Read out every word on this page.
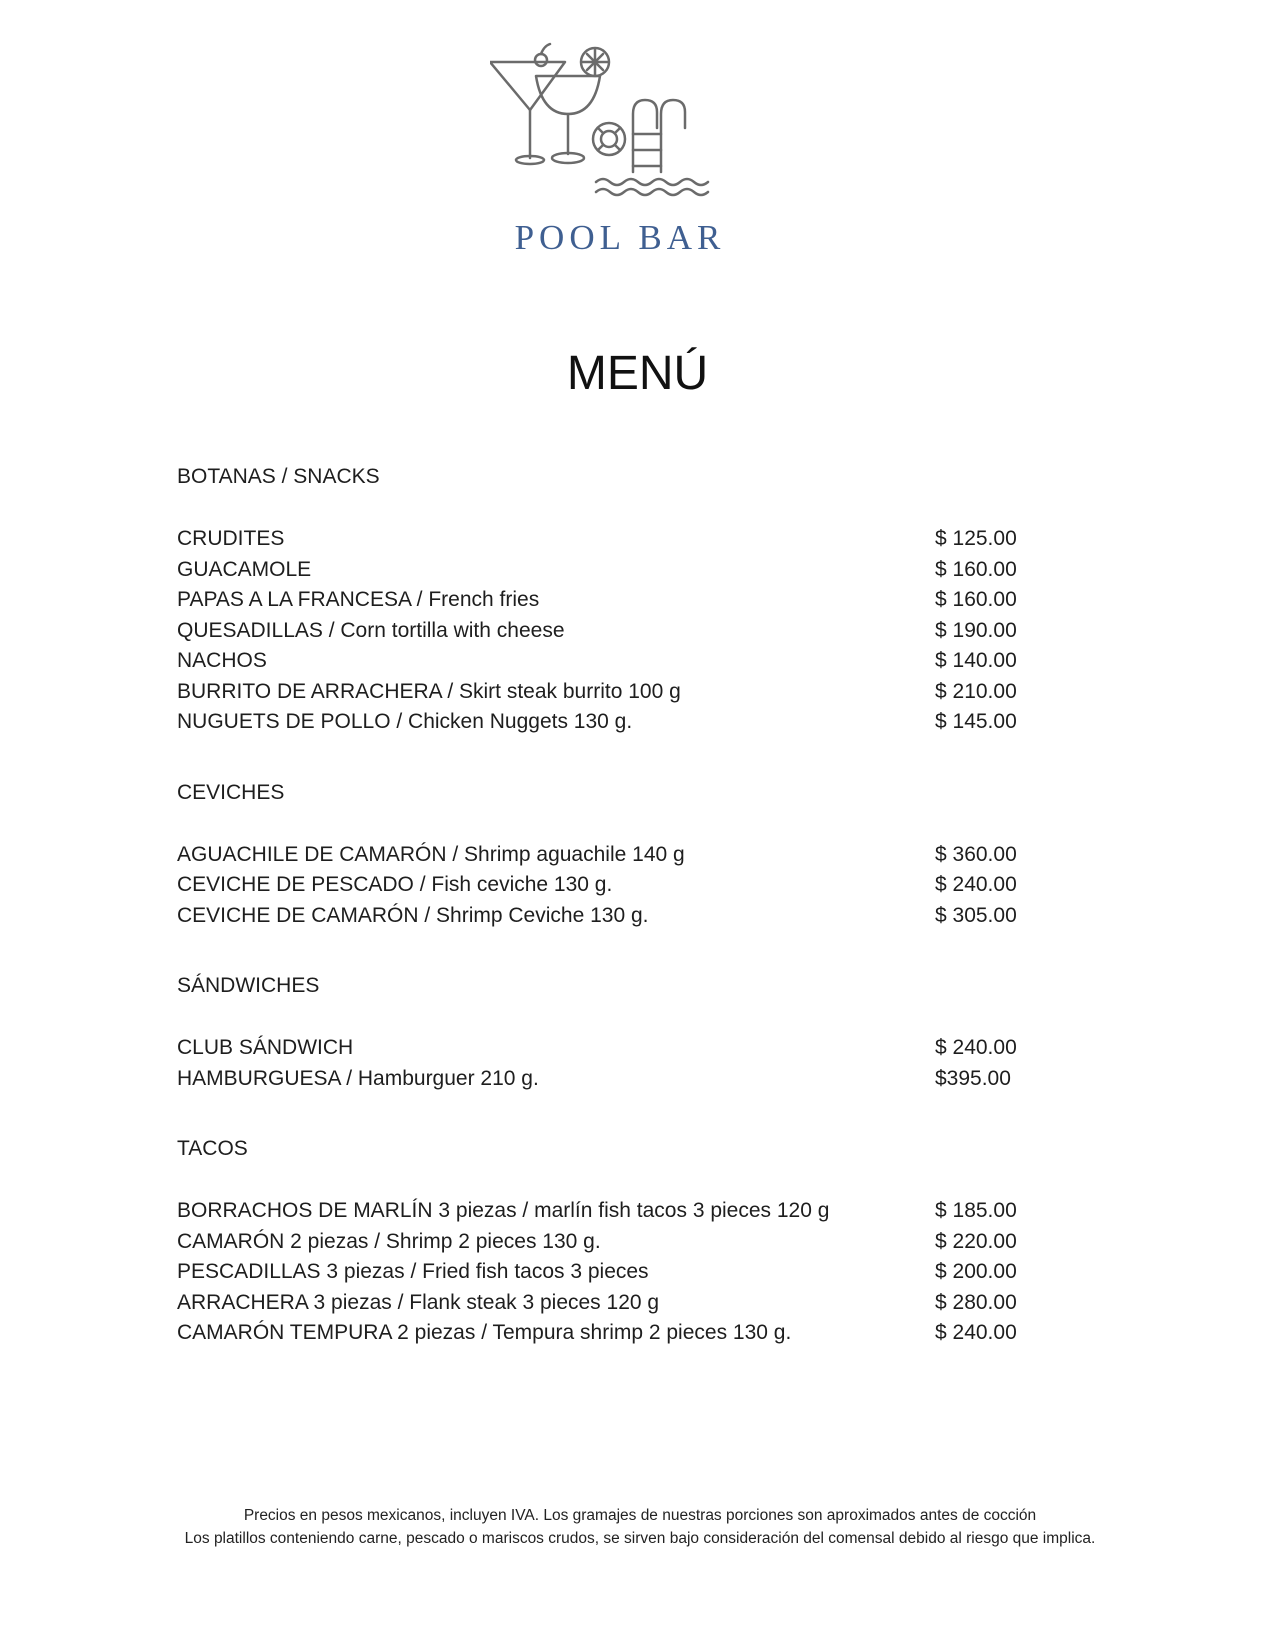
POOL BAR
MENÚ
BOTANAS / SNACKS
CRUDITES	$ 125.00
GUACAMOLE	$ 160.00
PAPAS A LA FRANCESA / French fries	$ 160.00
QUESADILLAS / Corn tortilla with cheese	$ 190.00
NACHOS	$ 140.00
BURRITO DE ARRACHERA / Skirt steak burrito 100 g	$ 210.00
NUGUETS DE POLLO / Chicken Nuggets 130 g.	$ 145.00
CEVICHES
AGUACHILE DE CAMARÓN / Shrimp aguachile 140 g	$ 360.00
CEVICHE DE PESCADO / Fish ceviche 130 g.	$ 240.00
CEVICHE DE CAMARÓN / Shrimp Ceviche 130 g.	$ 305.00
SÁNDWICHES
CLUB SÁNDWICH	$ 240.00
HAMBURGUESA / Hamburguer 210 g.	$395.00
TACOS
BORRACHOS DE MARLÍN 3 piezas / marlín fish tacos 3 pieces 120 g	$ 185.00
CAMARÓN 2 piezas / Shrimp 2 pieces 130 g.	$ 220.00
PESCADILLAS 3 piezas / Fried fish tacos 3 pieces	$ 200.00
ARRACHERA 3 piezas / Flank steak 3 pieces 120 g	$ 280.00
CAMARÓN TEMPURA 2 piezas / Tempura shrimp 2 pieces 130 g.	$ 240.00
Precios en pesos mexicanos, incluyen IVA. Los gramajes de nuestras porciones son aproximados antes de cocción
Los platillos conteniendo carne, pescado o mariscos crudos, se sirven bajo consideración del comensal debido al riesgo que implica.
